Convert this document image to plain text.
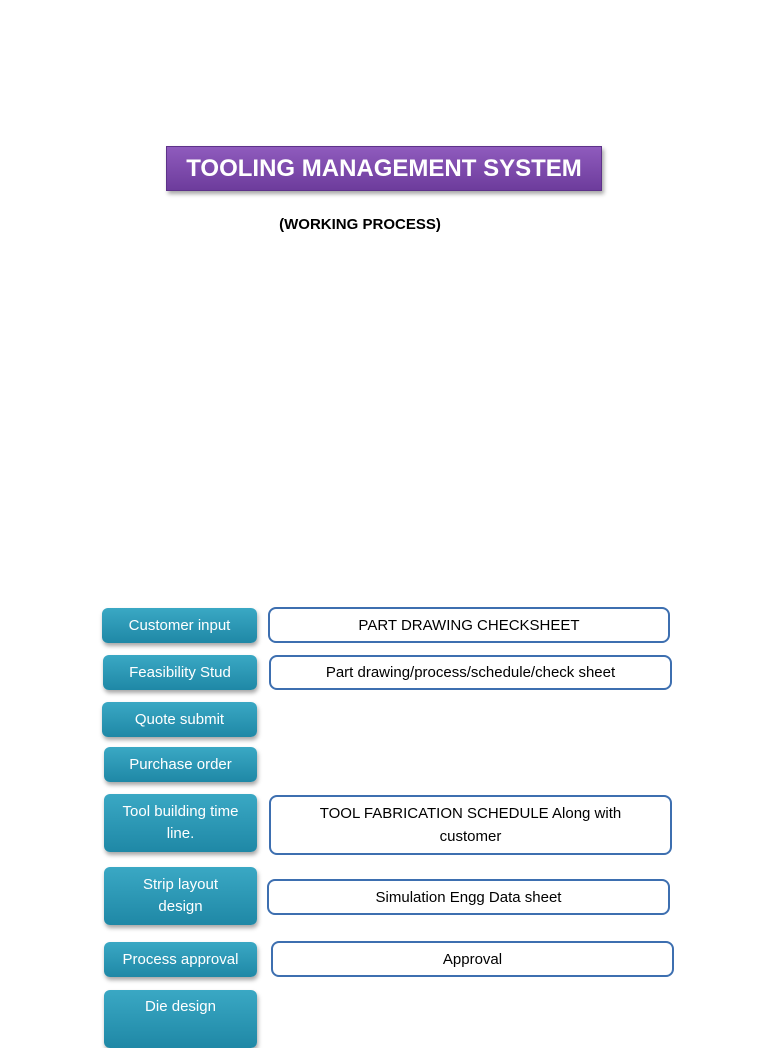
TOOLING MANAGEMENT SYSTEM
(WORKING PROCESS)
Customer input
Feasibility Stud
Quote submit
Purchase order
Tool building time line.
Strip layout design
Process approval
Die design
PART DRAWING CHECKSHEET
Part drawing/process/schedule/check sheet
TOOL FABRICATION SCHEDULE Along with customer
Simulation Engg Data sheet
Approval
